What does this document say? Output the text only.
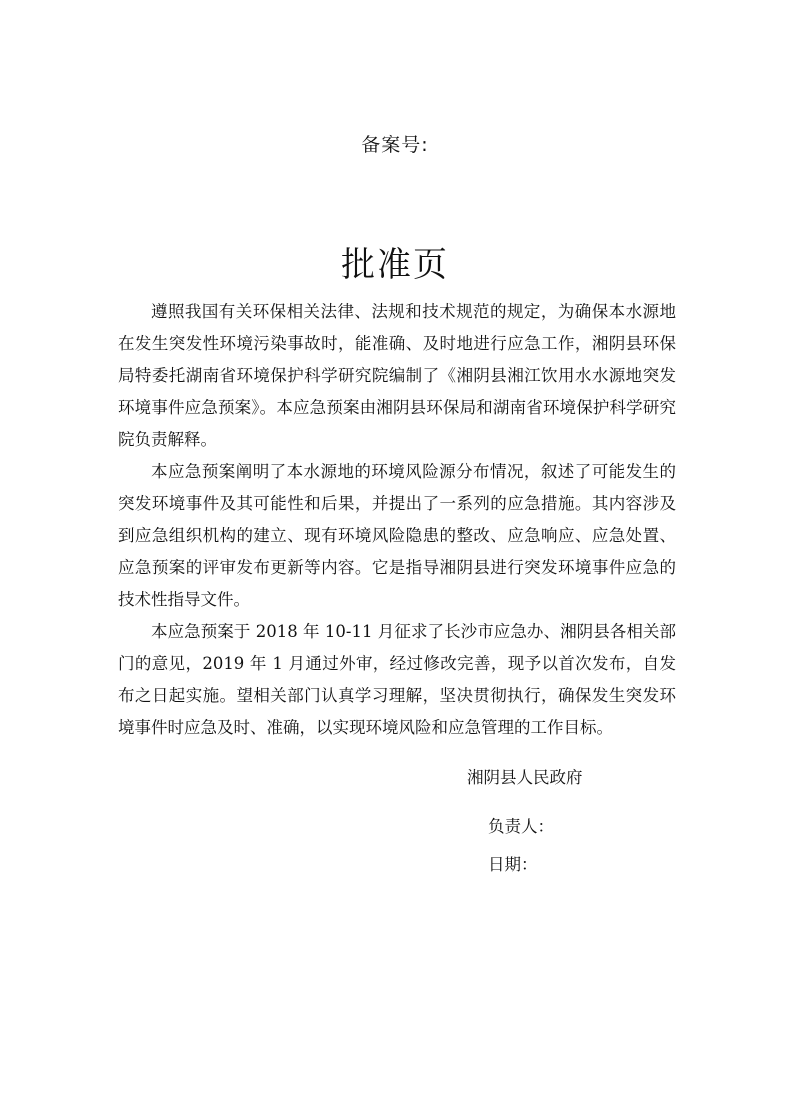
备案号:
批准页

遵照我国有关环保相关法律、法规和技术规范的规定，为确保本水源地在发生突发性环境污染事故时，能准确、及时地进行应急工作，湘阴县环保局特委托湖南省环境保护科学研究院编制了《湘阴县湘江饮用水水源地突发环境事件应急预案》。本应急预案由湘阴县环保局和湖南省环境保护科学研究院负责解释。

本应急预案阐明了本水源地的环境风险源分布情况，叙述了可能发生的突发环境事件及其可能性和后果，并提出了一系列的应急措施。其内容涉及到应急组织机构的建立、现有环境风险隐患的整改、应急响应、应急处置、应急预案的评审发布更新等内容。它是指导湘阴县进行突发环境事件应急的技术性指导文件。

本应急预案于 2018 年 10-11 月征求了长沙市应急办、湘阴县各相关部门的意见，2019 年 1 月通过外审，经过修改完善，现予以首次发布，自发布之日起实施。望相关部门认真学习理解，坚决贯彻执行，确保发生突发环境事件时应急及时、准确，以实现环境风险和应急管理的工作目标。

湘阴县人民政府
负责人：
日期：
